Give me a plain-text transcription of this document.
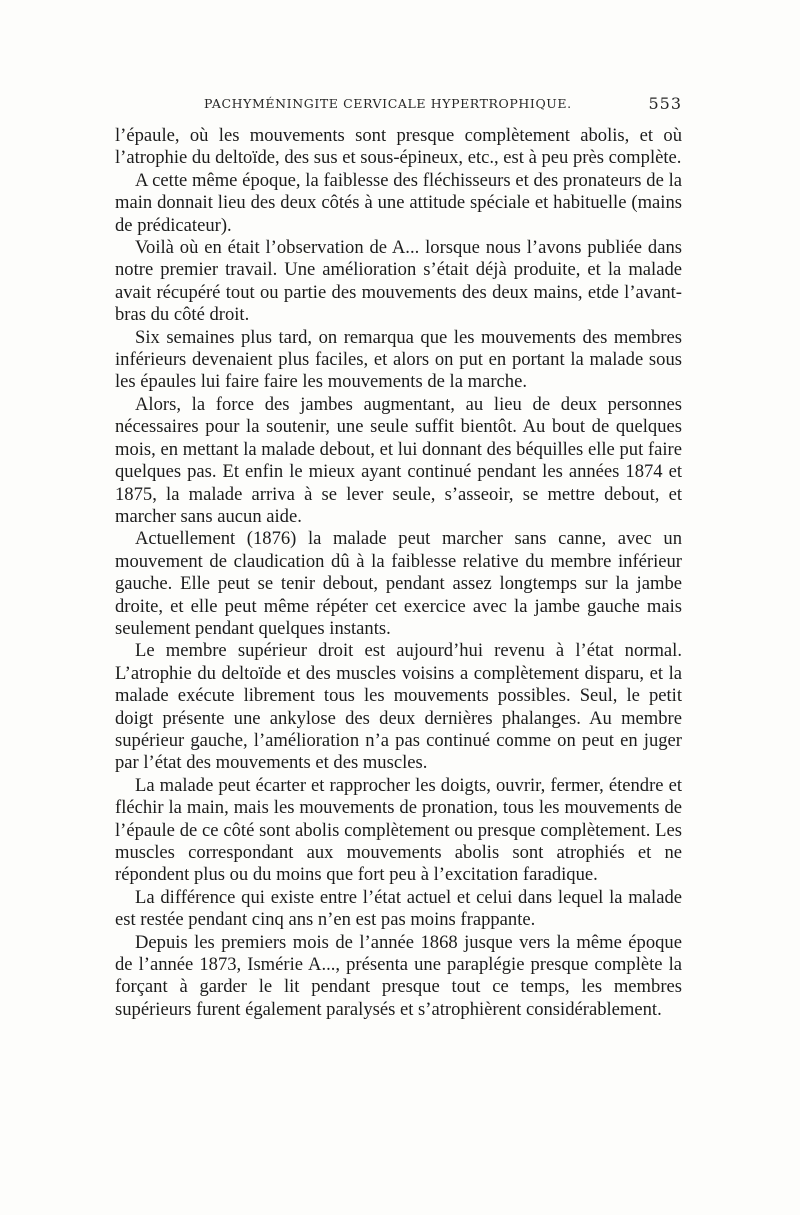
PACHYMÉNINGITE CERVICALE HYPERTROPHIQUE.	553

l’épaule, où les mouvements sont presque complètement abolis, et où l’atrophie du deltoïde, des sus et sous-épineux, etc., est à peu près complète.

A cette même époque, la faiblesse des fléchisseurs et des pronateurs de la main donnait lieu des deux côtés à une attitude spéciale et habituelle (mains de prédicateur).

Voilà où en était l’observation de A... lorsque nous l’avons publiée dans notre premier travail. Une amélioration s’était déjà produite, et la malade avait récupéré tout ou partie des mouvements des deux mains, etde l’avant-bras du côté droit.

Six semaines plus tard, on remarqua que les mouvements des membres inférieurs devenaient plus faciles, et alors on put en portant la malade sous les épaules lui faire faire les mouvements de la marche.

Alors, la force des jambes augmentant, au lieu de deux personnes nécessaires pour la soutenir, une seule suffit bientôt. Au bout de quelques mois, en mettant la malade debout, et lui donnant des béquilles elle put faire quelques pas. Et enfin le mieux ayant continué pendant les années 1874 et 1875, la malade arriva à se lever seule, s’asseoir, se mettre debout, et marcher sans aucun aide.

Actuellement (1876) la malade peut marcher sans canne, avec un mouvement de claudication dû à la faiblesse relative du membre inférieur gauche. Elle peut se tenir debout, pendant assez longtemps sur la jambe droite, et elle peut même répéter cet exercice avec la jambe gauche mais seulement pendant quelques instants.

Le membre supérieur droit est aujourd’hui revenu à l’état normal. L’atrophie du deltoïde et des muscles voisins a complètement disparu, et la malade exécute librement tous les mouvements possibles. Seul, le petit doigt présente une ankylose des deux dernières phalanges. Au membre supérieur gauche, l’amélioration n’a pas continué comme on peut en juger par l’état des mouvements et des muscles.

La malade peut écarter et rapprocher les doigts, ouvrir, fermer, étendre et fléchir la main, mais les mouvements de pronation, tous les mouvements de l’épaule de ce côté sont abolis complètement ou presque complètement. Les muscles correspondant aux mouvements abolis sont atrophiés et ne répondent plus ou du moins que fort peu à l’excitation faradique.

La différence qui existe entre l’état actuel et celui dans lequel la malade est restée pendant cinq ans n’en est pas moins frappante.

Depuis les premiers mois de l’année 1868 jusque vers la même époque de l’année 1873, Ismérie A..., présenta une paraplégie presque complète la forçant à garder le lit pendant presque tout ce temps, les membres supérieurs furent également paralysés et s’atrophièrent considérablement.
